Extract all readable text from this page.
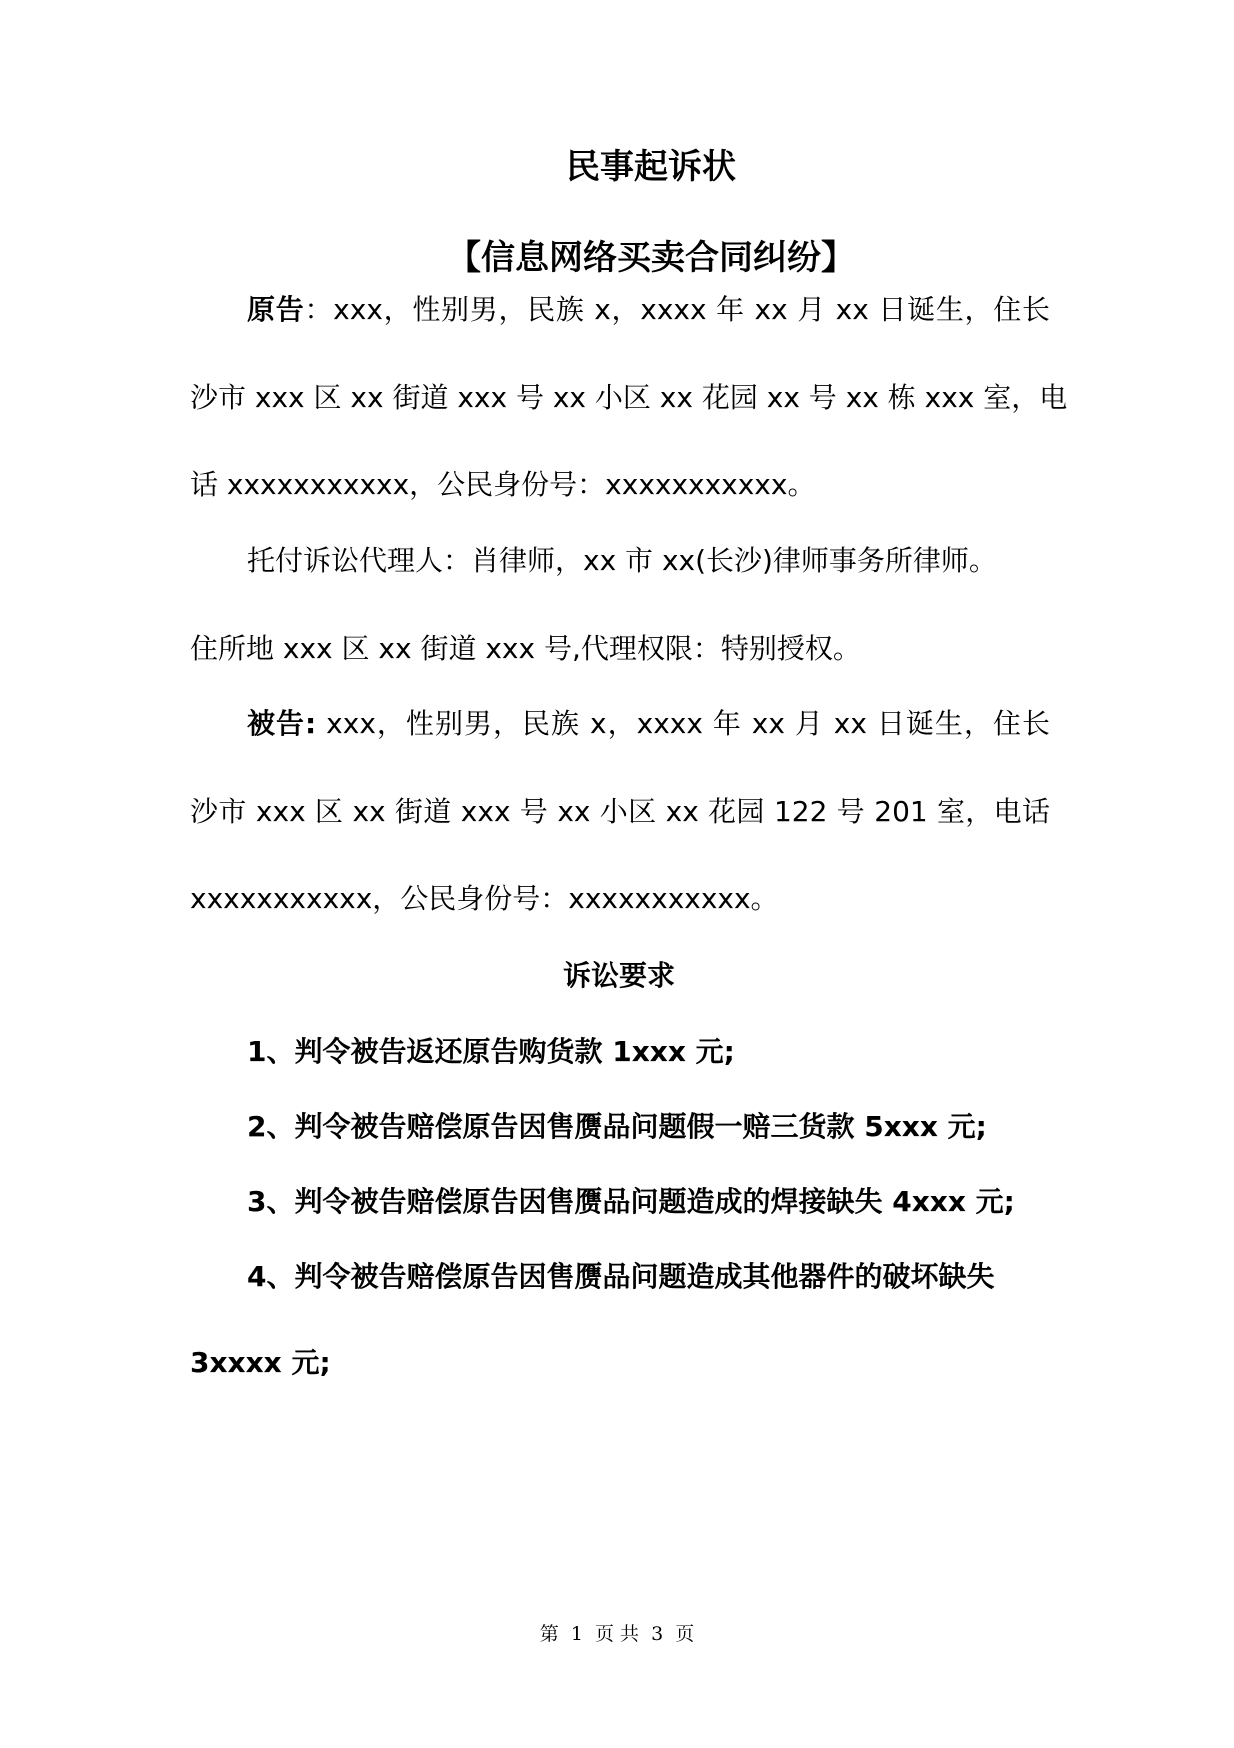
民事起诉状
【信息网络买卖合同纠纷】
原告：xxx，性别男，民族 x，xxxx 年 xx 月 xx 日诞生，住长
沙市 xxx 区 xx 街道 xxx 号 xx 小区 xx 花园 xx 号 xx 栋 xxx 室，电
话 xxxxxxxxxxx，公民身份号：xxxxxxxxxxx。
托付诉讼代理人：肖律师，xx 市 xx(长沙)律师事务所律师。
住所地 xxx 区 xx 街道 xxx 号,代理权限：特别授权。
被告: xxx，性别男，民族 x，xxxx 年 xx 月 xx 日诞生，住长
沙市 xxx 区 xx 街道 xxx 号 xx 小区 xx 花园 122 号 201 室，电话
xxxxxxxxxxx，公民身份号：xxxxxxxxxxx。
诉讼要求
1、判令被告返还原告购货款 1xxx 元;
2、判令被告赔偿原告因售赝品问题假一赔三货款 5xxx 元;
3、判令被告赔偿原告因售赝品问题造成的焊接缺失 4xxx 元;
4、判令被告赔偿原告因售赝品问题造成其他器件的破坏缺失
3xxxx 元;
第 1 页 共 3 页
